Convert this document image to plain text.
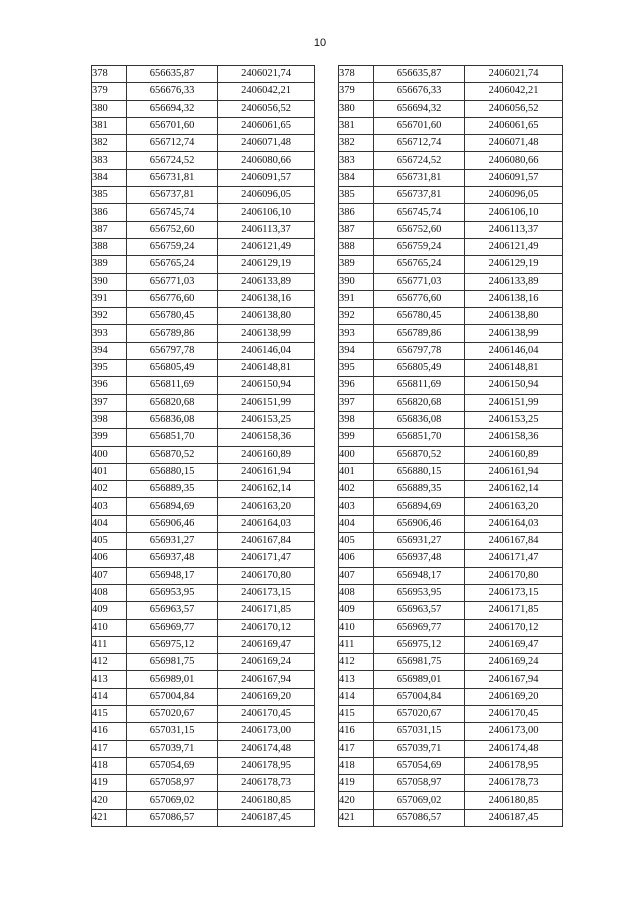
10
378	656635,87	2406021,74
379	656676,33	2406042,21
380	656694,32	2406056,52
381	656701,60	2406061,65
382	656712,74	2406071,48
383	656724,52	2406080,66
384	656731,81	2406091,57
385	656737,81	2406096,05
386	656745,74	2406106,10
387	656752,60	2406113,37
388	656759,24	2406121,49
389	656765,24	2406129,19
390	656771,03	2406133,89
391	656776,60	2406138,16
392	656780,45	2406138,80
393	656789,86	2406138,99
394	656797,78	2406146,04
395	656805,49	2406148,81
396	656811,69	2406150,94
397	656820,68	2406151,99
398	656836,08	2406153,25
399	656851,70	2406158,36
400	656870,52	2406160,89
401	656880,15	2406161,94
402	656889,35	2406162,14
403	656894,69	2406163,20
404	656906,46	2406164,03
405	656931,27	2406167,84
406	656937,48	2406171,47
407	656948,17	2406170,80
408	656953,95	2406173,15
409	656963,57	2406171,85
410	656969,77	2406170,12
411	656975,12	2406169,47
412	656981,75	2406169,24
413	656989,01	2406167,94
414	657004,84	2406169,20
415	657020,67	2406170,45
416	657031,15	2406173,00
417	657039,71	2406174,48
418	657054,69	2406178,95
419	657058,97	2406178,73
420	657069,02	2406180,85
421	657086,57	2406187,45
378	656635,87	2406021,74
379	656676,33	2406042,21
380	656694,32	2406056,52
381	656701,60	2406061,65
382	656712,74	2406071,48
383	656724,52	2406080,66
384	656731,81	2406091,57
385	656737,81	2406096,05
386	656745,74	2406106,10
387	656752,60	2406113,37
388	656759,24	2406121,49
389	656765,24	2406129,19
390	656771,03	2406133,89
391	656776,60	2406138,16
392	656780,45	2406138,80
393	656789,86	2406138,99
394	656797,78	2406146,04
395	656805,49	2406148,81
396	656811,69	2406150,94
397	656820,68	2406151,99
398	656836,08	2406153,25
399	656851,70	2406158,36
400	656870,52	2406160,89
401	656880,15	2406161,94
402	656889,35	2406162,14
403	656894,69	2406163,20
404	656906,46	2406164,03
405	656931,27	2406167,84
406	656937,48	2406171,47
407	656948,17	2406170,80
408	656953,95	2406173,15
409	656963,57	2406171,85
410	656969,77	2406170,12
411	656975,12	2406169,47
412	656981,75	2406169,24
413	656989,01	2406167,94
414	657004,84	2406169,20
415	657020,67	2406170,45
416	657031,15	2406173,00
417	657039,71	2406174,48
418	657054,69	2406178,95
419	657058,97	2406178,73
420	657069,02	2406180,85
421	657086,57	2406187,45
